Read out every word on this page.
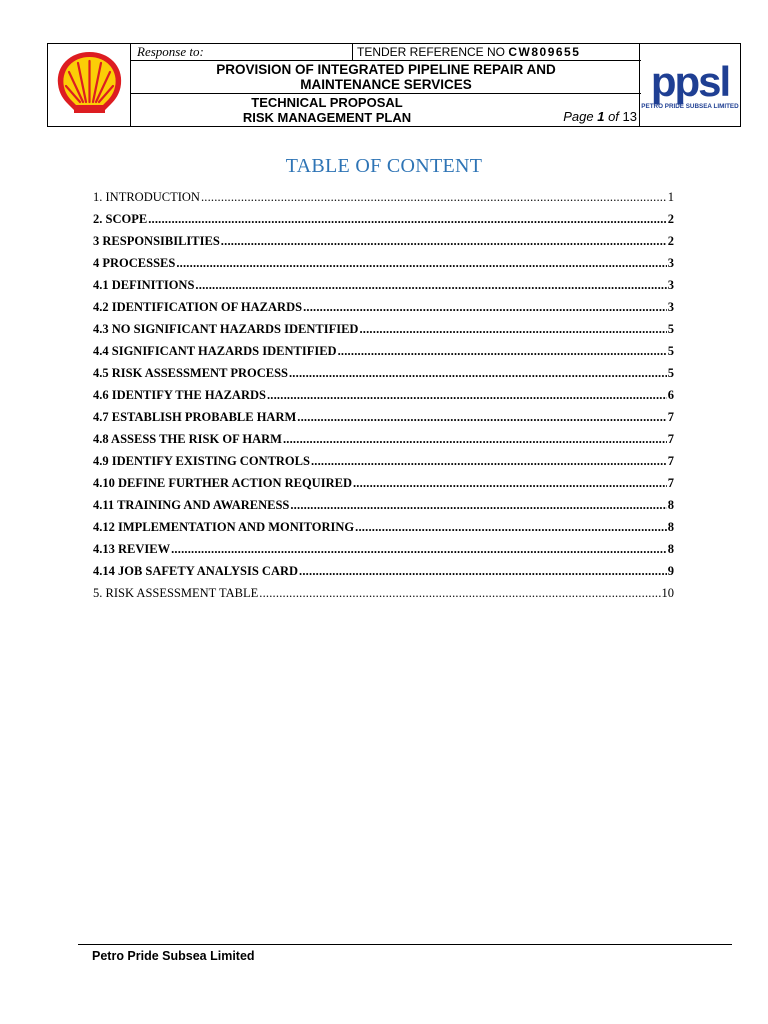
Response to:	TENDER REFERENCE NO CW809655
PROVISION OF INTEGRATED PIPELINE REPAIR AND
MAINTENANCE SERVICES
TECHNICAL PROPOSAL
RISK MANAGEMENT PLAN	Page 1 of 13
ppsl
PETRO PRIDE SUBSEA LIMITED
TABLE OF CONTENT
1. INTRODUCTION .....	1
2. SCOPE .....	2
3 RESPONSIBILITIES .....	2
4 PROCESSES .....	3
4.1 DEFINITIONS .....	3
4.2 IDENTIFICATION OF HAZARDS .....	3
4.3 NO SIGNIFICANT HAZARDS IDENTIFIED .....	5
4.4 SIGNIFICANT HAZARDS IDENTIFIED .....	5
4.5 RISK ASSESSMENT PROCESS .....	5
4.6 IDENTIFY THE HAZARDS .....	6
4.7 ESTABLISH PROBABLE HARM .....	7
4.8 ASSESS THE RISK OF HARM .....	7
4.9 IDENTIFY EXISTING CONTROLS .....	7
4.10 DEFINE FURTHER ACTION REQUIRED .....	7
4.11 TRAINING AND AWARENESS .....	8
4.12 IMPLEMENTATION AND MONITORING .....	8
4.13 REVIEW .....	8
4.14 JOB SAFETY ANALYSIS CARD .....	9
5. RISK ASSESSMENT TABLE .....	10
Petro Pride Subsea Limited
